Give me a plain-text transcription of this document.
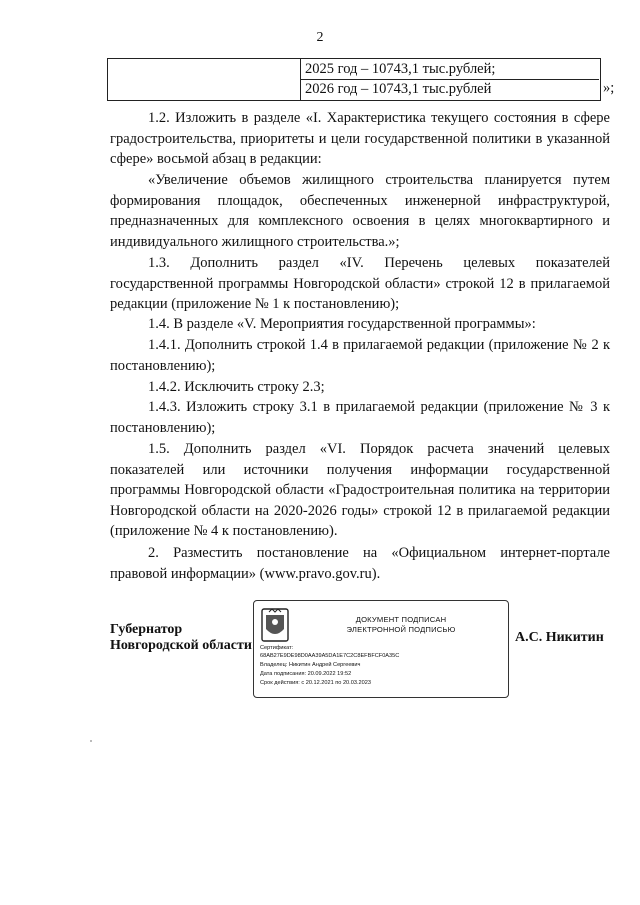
2
2025 год – 10743,1 тыс.рублей;
2026 год – 10743,1 тыс.рублей	»;

1.2. Изложить в разделе «I. Характеристика текущего состояния в сфере градостроительства, приоритеты и цели государственной политики в указанной сфере» восьмой абзац в редакции:

«Увеличение объемов жилищного строительства планируется путем формирования площадок, обеспеченных инженерной инфраструктурой, предназначенных для комплексного освоения в целях многоквартирного и индивидуального жилищного строительства.»;

1.3. Дополнить раздел «IV. Перечень целевых показателей государственной программы Новгородской области» строкой 12 в прилагаемой редакции (приложение № 1 к постановлению);

1.4. В разделе «V. Мероприятия государственной программы»:

1.4.1. Дополнить строкой 1.4 в прилагаемой редакции (приложение № 2 к постановлению);

1.4.2. Исключить строку 2.3;

1.4.3. Изложить строку 3.1 в прилагаемой редакции (приложение № 3 к постановлению);

1.5. Дополнить раздел «VI. Порядок расчета значений целевых показателей или источники получения информации государственной программы Новгородской области «Градостроительная политика на территории Новгородской области на 2020-2026 годы» строкой 12 в прилагаемой редакции (приложение № 4 к постановлению).

2. Разместить постановление на «Официальном интернет-портале правовой информации» (www.pravo.gov.ru).

Губернатор
Новгородской области
ДОКУМЕНТ ПОДПИСАН
ЭЛЕКТРОННОЙ ПОДПИСЬЮ
Сертификат:
68AB27E9DE98D0AA39A5DA1E7C2C8EFBFCF0A35C
Владелец: Никитин Андрей Сергеевич
Дата подписания: 20.09.2022 19:52
Срок действия: с 20.12.2021 по 20.03.2023
А.С. Никитин
